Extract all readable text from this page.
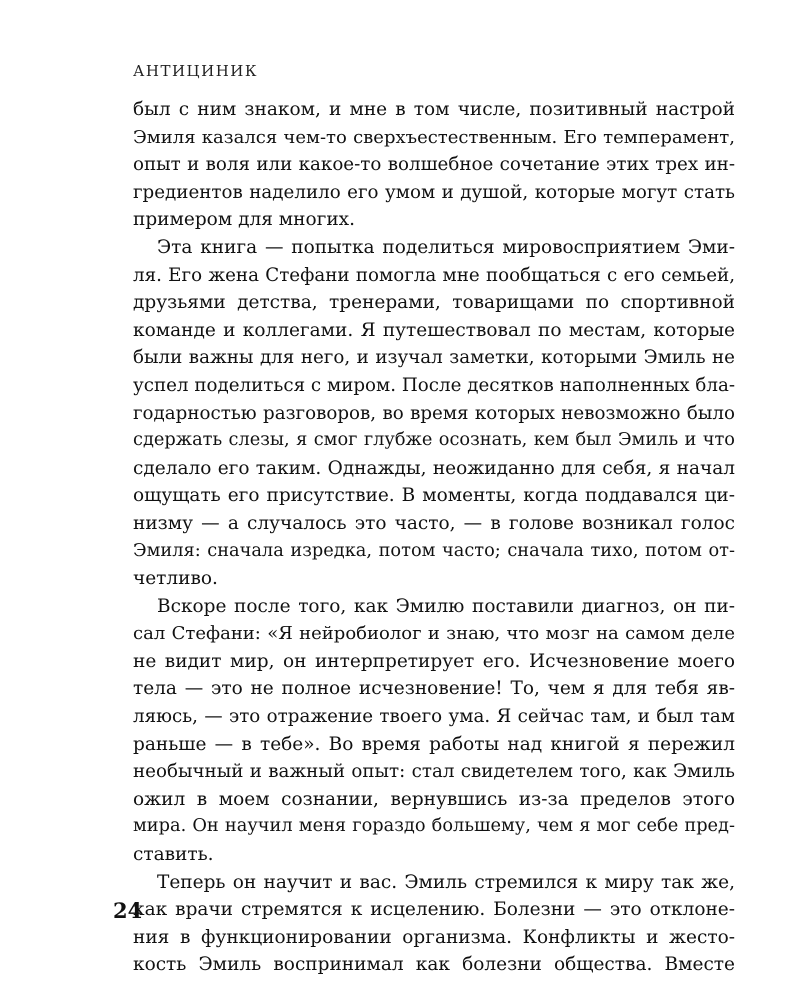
АНТИЦИНИК
был с ним знаком, и мне в том числе, позитивный настрой
Эмиля казался чем-то сверхъестественным. Его темперамент,
опыт и воля или какое-то волшебное сочетание этих трех ин-
гредиентов наделило его умом и душой, которые могут стать
примером для многих.
Эта книга — попытка поделиться мировосприятием Эми-
ля. Его жена Стефани помогла мне пообщаться с его семьей,
друзьями детства, тренерами, товарищами по спортивной
команде и коллегами. Я путешествовал по местам, которые
были важны для него, и изучал заметки, которыми Эмиль не
успел поделиться с миром. После десятков наполненных бла-
годарностью разговоров, во время которых невозможно было
сдержать слезы, я смог глубже осознать, кем был Эмиль и что
сделало его таким. Однажды, неожиданно для себя, я начал
ощущать его присутствие. В моменты, когда поддавался ци-
низму — а случалось это часто, — в голове возникал голос
Эмиля: сначала изредка, потом часто; сначала тихо, потом от-
четливо.
Вскоре после того, как Эмилю поставили диагноз, он пи-
сал Стефани: «Я нейробиолог и знаю, что мозг на самом деле
не видит мир, он интерпретирует его. Исчезновение моего
тела — это не полное исчезновение! То, чем я для тебя яв-
ляюсь, — это отражение твоего ума. Я сейчас там, и был там
раньше — в тебе». Во время работы над книгой я пережил
необычный и важный опыт: стал свидетелем того, как Эмиль
ожил в моем сознании, вернувшись из-за пределов этого
мира. Он научил меня гораздо большему, чем я мог себе пред-
ставить.
Теперь он научит и вас. Эмиль стремился к миру так же,
как врачи стремятся к исцелению. Болезни — это отклоне-
ния в функционировании организма. Конфликты и жесто-
кость Эмиль воспринимал как болезни общества. Вместе
24
